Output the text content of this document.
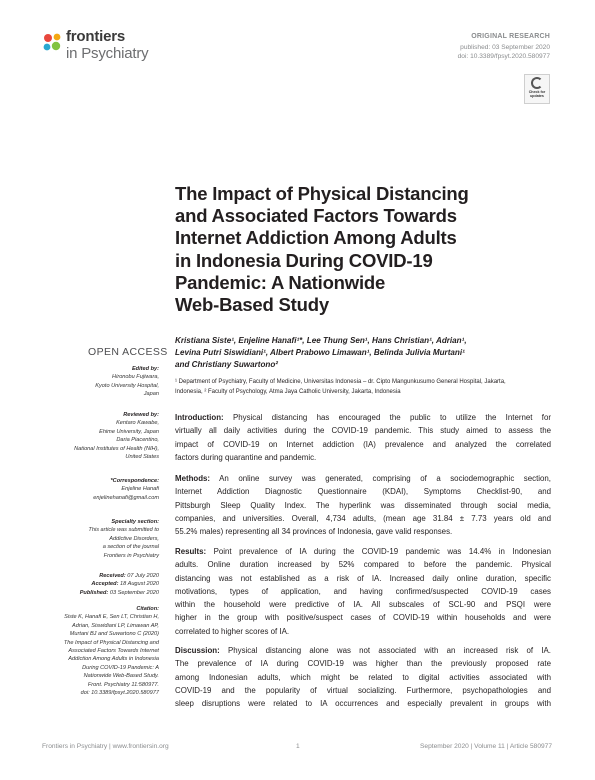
frontiers
in Psychiatry
ORIGINAL RESEARCH
published: 03 September 2020
doi: 10.3389/fpsyt.2020.580977
Check for
updates
The Impact of Physical Distancing
and Associated Factors Towards
Internet Addiction Among Adults
in Indonesia During COVID-19
Pandemic: A Nationwide
Web-Based Study
Kristiana Siste¹, Enjeline Hanafi¹*, Lee Thung Sen¹, Hans Christian¹, Adrian¹,
Levina Putri Siswidiani¹, Albert Prabowo Limawan¹, Belinda Julivia Murtani¹
and Christiany Suwartono²
¹ Department of Psychiatry, Faculty of Medicine, Universitas Indonesia – dr. Cipto Mangunkusumo General Hospital, Jakarta,
Indonesia, ² Faculty of Psychology, Atma Jaya Catholic University, Jakarta, Indonesia
OPEN ACCESS
Edited by:
Hironobu Fujiwara,
Kyoto University Hospital,
Japan
Reviewed by:
Kentaro Kawabe,
Ehime University, Japan
Daria Piacentino,
National Institutes of Health (NIH),
United States
*Correspondence:
Enjeline Hanafi
enjelinehanafi@gmail.com
Specialty section:
This article was submitted to
Addictive Disorders,
a section of the journal
Frontiers in Psychiatry
Received: 07 July 2020
Accepted: 18 August 2020
Published: 03 September 2020
Citation:
Siste K, Hanafi E, Sen LT, Christian H,
Adrian, Siswidiani LP, Limawan AP,
Murtani BJ and Suwartono C (2020)
The Impact of Physical Distancing and
Associated Factors Towards Internet
Addiction Among Adults in Indonesia
During COVID-19 Pandemic: A
Nationwide Web-Based Study.
Front. Psychiatry 11:580977.
doi: 10.3389/fpsyt.2020.580977
Introduction: Physical distancing has encouraged the public to utilize the Internet for
virtually all daily activities during the COVID-19 pandemic. This study aimed to assess the
impact of COVID-19 on Internet addiction (IA) prevalence and analyzed the correlated
factors during quarantine and pandemic.
Methods: An online survey was generated, comprising of a sociodemographic section,
Internet Addiction Diagnostic Questionnaire (KDAI), Symptoms Checklist-90, and
Pittsburgh Sleep Quality Index. The hyperlink was disseminated through social media,
companies, and universities. Overall, 4,734 adults, (mean age 31.84 ± 7.73 years old and
55.2% males) representing all 34 provinces of Indonesia, gave valid responses.
Results: Point prevalence of IA during the COVID-19 pandemic was 14.4% in Indonesian
adults. Online duration increased by 52% compared to before the pandemic. Physical
distancing was not established as a risk of IA. Increased daily online duration, specific
motivations, types of application, and having confirmed/suspected COVID-19 cases
within the household were predictive of IA. All subscales of SCL-90 and PSQI were
higher in the group with positive/suspect cases of COVID-19 within households and were
correlated to higher scores of IA.
Discussion: Physical distancing alone was not associated with an increased risk of IA.
The prevalence of IA during COVID-19 was higher than the previously proposed rate
among Indonesian adults, which might be related to digital activities associated with
COVID-19 and the popularity of virtual socializing. Furthermore, psychopathologies and
sleep disruptions were related to IA occurrences and especially prevalent in groups with
Frontiers in Psychiatry | www.frontiersin.org	1	September 2020 | Volume 11 | Article 580977
